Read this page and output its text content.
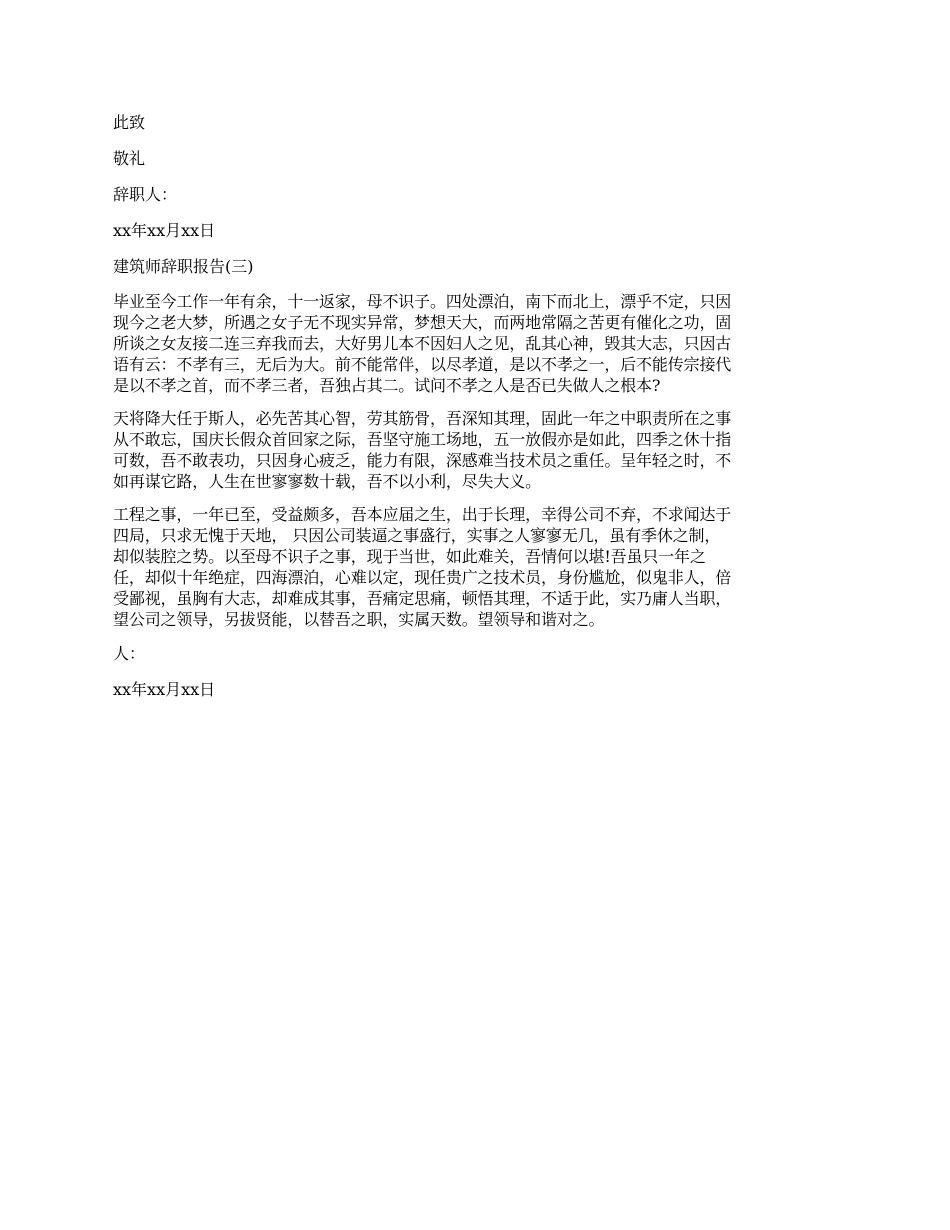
此致
敬礼
辞职人：
xx年xx月xx日
建筑师辞职报告(三)
毕业至今工作一年有余，十一返家，母不识子。四处漂泊，南下而北上，漂乎不定，只因
现今之老大梦，所遇之女子无不现实异常，梦想天大，而两地常隔之苦更有催化之功，固
所谈之女友接二连三弃我而去，大好男儿本不因妇人之见，乱其心神，毁其大志，只因古
语有云：不孝有三，无后为大。前不能常伴，以尽孝道，是以不孝之一，后不能传宗接代
是以不孝之首，而不孝三者，吾独占其二。试问不孝之人是否已失做人之根本?
天将降大任于斯人，必先苦其心智，劳其筋骨，吾深知其理，固此一年之中职责所在之事
从不敢忘，国庆长假众首回家之际，吾坚守施工场地，五一放假亦是如此，四季之休十指
可数，吾不敢表功，只因身心疲乏，能力有限，深感难当技术员之重任。呈年轻之时，不
如再谋它路，人生在世寥寥数十载，吾不以小利，尽失大义。
工程之事，一年已至，受益颇多，吾本应届之生，出于长理，幸得公司不弃，不求闻达于
四局，只求无愧于天地， 只因公司装逼之事盛行，实事之人寥寥无几，虽有季休之制，
却似装腔之势。以至母不识子之事，现于当世，如此难关，吾情何以堪!吾虽只一年之
任，却似十年绝症，四海漂泊，心难以定，现任贵广之技术员，身份尴尬，似鬼非人，倍
受鄙视，虽胸有大志，却难成其事，吾痛定思痛，顿悟其理，不适于此，实乃庸人当职，
望公司之领导，另拔贤能，以替吾之职，实属天数。望领导和谐对之。
人：
xx年xx月xx日
